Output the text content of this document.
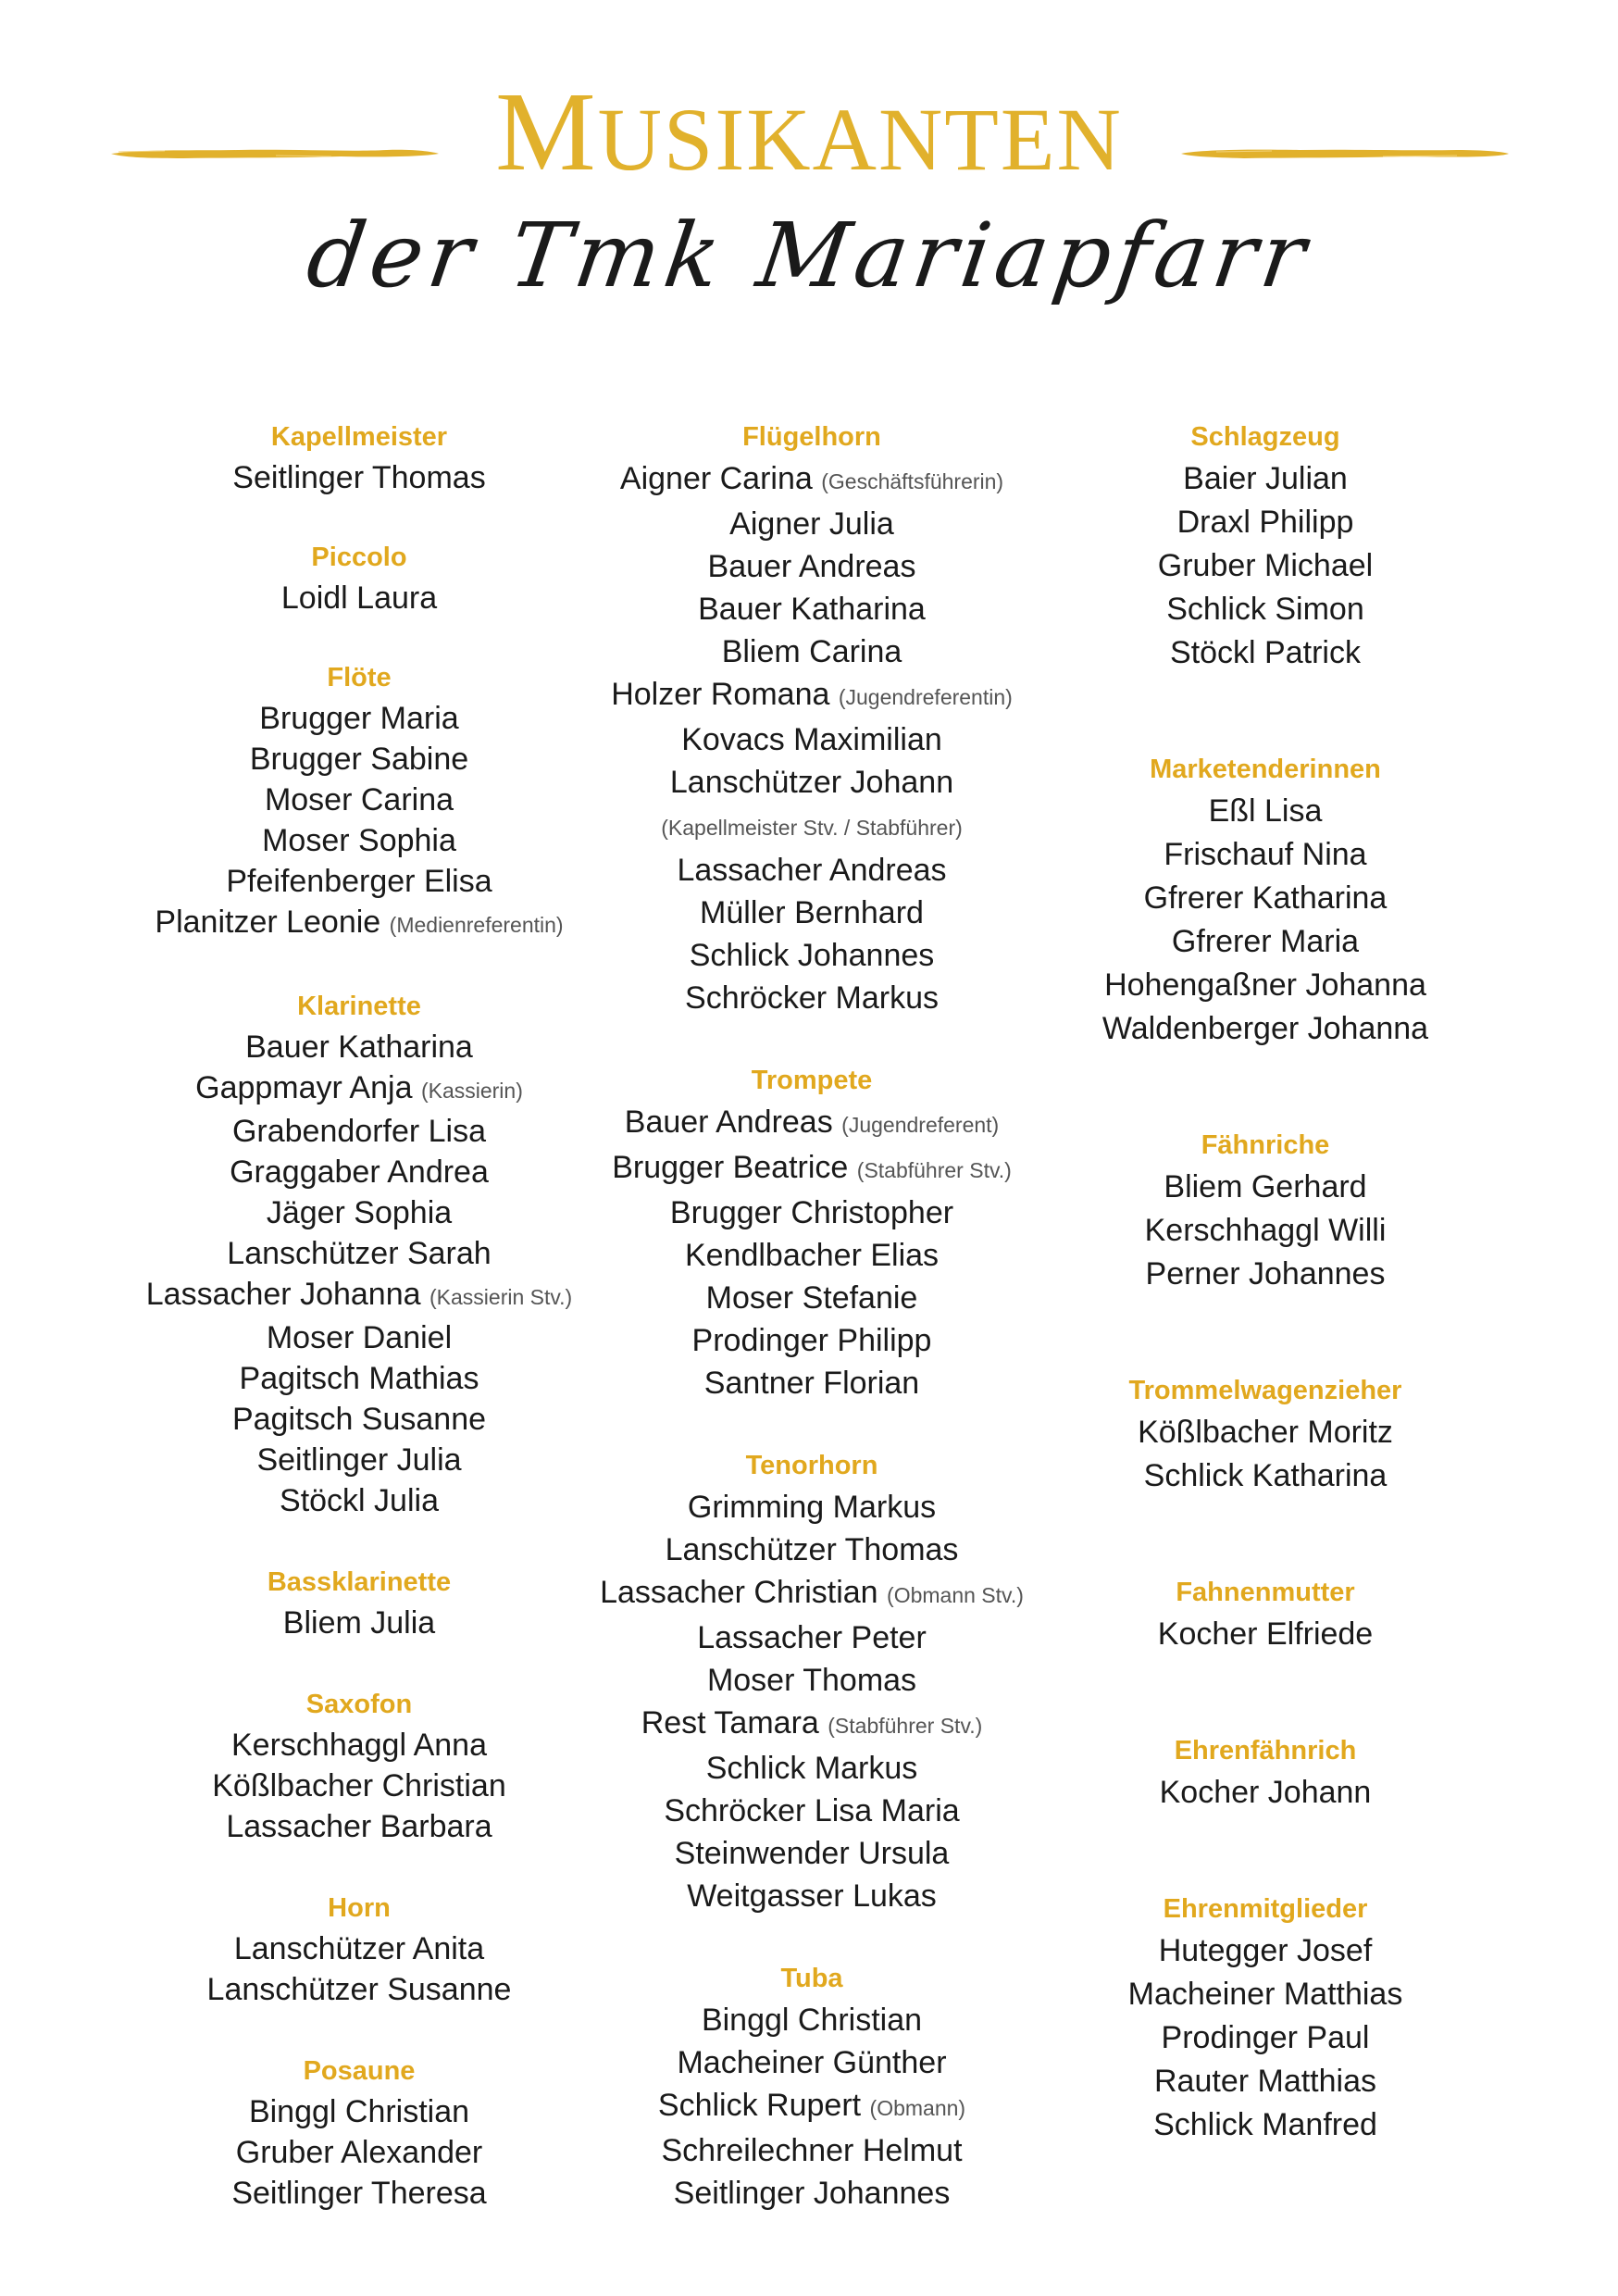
MUSIKANTEN
der Tmk Mariapfarr
Kapellmeister
Seitlinger Thomas
Piccolo
Loidl Laura
Flöte
Brugger Maria
Brugger Sabine
Moser Carina
Moser Sophia
Pfeifenberger Elisa
Planitzer Leonie (Medienreferentin)
Klarinette
Bauer Katharina
Gappmayr Anja (Kassierin)
Grabendorfer Lisa
Graggaber Andrea
Jäger Sophia
Lanschützer Sarah
Lassacher Johanna (Kassierin Stv.)
Moser Daniel
Pagitsch Mathias
Pagitsch Susanne
Seitlinger Julia
Stöckl Julia
Bassklarinette
Bliem Julia
Saxofon
Kerschhaggl Anna
Kößlbacher Christian
Lassacher Barbara
Horn
Lanschützer Anita
Lanschützer Susanne
Posaune
Binggl Christian
Gruber Alexander
Seitlinger Theresa
Flügelhorn
Aigner Carina (Geschäftsführerin)
Aigner Julia
Bauer Andreas
Bauer Katharina
Bliem Carina
Holzer Romana (Jugendreferentin)
Kovacs Maximilian
Lanschützer Johann
(Kapellmeister Stv. / Stabführer)
Lassacher Andreas
Müller Bernhard
Schlick Johannes
Schröcker Markus
Trompete
Bauer Andreas (Jugendreferent)
Brugger Beatrice (Stabführer Stv.)
Brugger Christopher
Kendlbacher Elias
Moser Stefanie
Prodinger Philipp
Santner Florian
Tenorhorn
Grimming Markus
Lanschützer Thomas
Lassacher Christian (Obmann Stv.)
Lassacher Peter
Moser Thomas
Rest Tamara (Stabführer Stv.)
Schlick Markus
Schröcker Lisa Maria
Steinwender Ursula
Weitgasser Lukas
Tuba
Binggl Christian
Macheiner Günther
Schlick Rupert (Obmann)
Schreilechner Helmut
Seitlinger Johannes
Schlagzeug
Baier Julian
Draxl Philipp
Gruber Michael
Schlick Simon
Stöckl Patrick
Marketenderinnen
Eßl Lisa
Frischauf Nina
Gfrerer Katharina
Gfrerer Maria
Hohengaßner Johanna
Waldenberger Johanna
Fähnriche
Bliem Gerhard
Kerschhaggl Willi
Perner Johannes
Trommelwagenzieher
Kößlbacher Moritz
Schlick Katharina
Fahnenmutter
Kocher Elfriede
Ehrenfähnrich
Kocher Johann
Ehrenmitglieder
Hutegger Josef
Macheiner Matthias
Prodinger Paul
Rauter Matthias
Schlick Manfred
